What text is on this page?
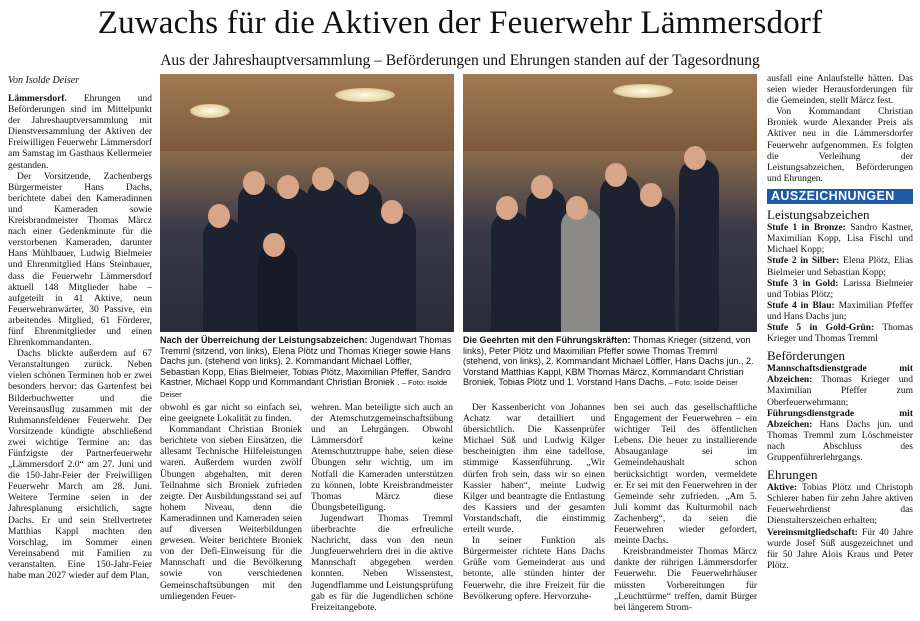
Zuwachs für die Aktiven der Feuerwehr Lämmersdorf
Aus der Jahreshauptversammlung – Beförderungen und Ehrungen standen auf der Tagesordnung
Von Isolde Deiser

Lämmersdorf. Ehrungen und Beförderungen sind im Mittelpunkt der Jahreshauptversammlung mit Dienstversammlung der Aktiven der Freiwilligen Feuerwehr Lämmersdorf am Samstag im Gasthaus Kellermeier gestanden.

Der Vorsitzende, Zachenbergs Bürgermeister Hans Dachs, berichtete dabei den Kameradinnen und Kameraden sowie Kreisbrandmeister Thomas Märcz nach einer Gedenkminute für die verstorbenen Kameraden, darunter Hans Mühlbauer, Ludwig Bielmeier und Ehrenmitglied Hans Steinbauer, dass die Feuerwehr Lämmersdorf aktuell 148 Mitglieder habe – aufgeteilt in 41 Aktive, neun Feuerwehranwärter, 30 Passive, ein arbeitendes Mitglied, 61 Förderer, fünf Ehrenmitglieder und einen Ehrenkommandanten.

Dachs blickte außerdem auf 67 Veranstaltungen zurück. Neben vielen schönen Terminen hob er zwei besonders hervor: das Gartenfest bei Bilderbuchwetter und die Vereinsausflug zusammen mit der Ruhmannsfeldener Feuerwehr. Der Vorsitzende kündigte abschließend zwei wichtige Termine an: das Fünfzigste der Partnerfeuerwehr „Lämmersdorf 2.0“ am 27. Juni und die 150-Jahr-Feier der Freiwilligen Feuerwehr March am 28. Juni. Weitere Termine seien in der Jahresplanung ersichtlich, sagte Dachs. Er und sein Stellvertreter Matthias Kappl machten den Vorschlag, im Sommer einen Vereinsabend mit Familien zu veranstalten. Eine 150-Jahr-Feier habe man 2027 wieder auf dem Plan,

Nach der Überreichung der Leistungsabzeichen: Jugendwart Thomas Tremml (sitzend, von links), Elena Plötz und Thomas Krieger sowie Hans Dachs jun. (stehend von links), 2. Kommandant Michael Löffler, Sebastian Kopp, Elias Bielmeier, Tobias Plötz, Maximilian Pfeffer, Sandro Kastner, Michael Kopp und Kommandant Christian Broniek . – Foto: Isolde Deiser
Die Geehrten mit den Führungskräften: Thomas Krieger (sitzend, von links), Peter Plötz und Maximilian Pfeffer sowie Thomas Tremml (stehend, von links), 2. Kommandant Michael Löffler, Hans Dachs jun., 2. Vorstand Matthias Kappl, KBM Thomas Märcz, Kommandant Christian Broniek, Tobias Plötz und 1. Vorstand Hans Dachs. – Foto: Isolde Deiser

obwohl es gar nicht so einfach sei, eine geeignete Lokalität zu finden.

Kommandant Christian Broniek berichtete von sieben Einsätzen, die allesamt Technische Hilfeleistungen waren. Außerdem wurden zwölf Übungen abgehalten, mit deren Teilnahme sich Broniek zufrieden zeigte. Der Ausbildungsstand sei auf hohem Niveau, denn die Kameradinnen und Kameraden seien auf diversen Weiterbildungen gewesen. Weiter berichtete Broniek von der Defi-Einweisung für die Mannschaft und die Bevölkerung sowie von verschiedenen Gemeinschaftsübungen mit den umliegenden Feuer-

wehren. Man beteiligte sich auch an der Atemschutzgemeinschaftsübung und an Lehrgängen. Obwohl Lämmersdorf keine Atemschutztruppe habe, seien diese Übungen sehr wichtig, um im Notfall die Kameraden unterstützen zu können, lobte Kreisbrandmeister Thomas Märcz diese Übungsbeteiligung.

Jugendwart Thomas Tremml überbrachte die erfreuliche Nachricht, dass von den neun Jungfeuerwehrlern drei in die aktive Mannschaft abgegeben werden konnten. Neben Wissenstest, Jugendflamme und Leistungsprüfung gab es für die Jugendlichen schöne Freizeitangebote.

Der Kassenbericht von Johannes Achatz war detailliert und übersichtlich. Die Kassenprüfer Michael Süß und Ludwig Kilger bescheinigten ihm eine tadellose, stimmige Kassenführung. „Wir dürfen froh sein, dass wir so einen Kassier haben“, meinte Ludwig Kilger und beantragte die Entlastung des Kassiers und der gesamten Vorstandschaft, die einstimmig erteilt wurde.

In seiner Funktion als Bürgermeister richtete Hans Dachs Grüße vom Gemeinderat aus und betonte, alle stünden hinter der Feuerwehr, die ihre Freizeit für die Bevölkerung opfere. Hervorzuhe-

ben sei auch das gesellschaftliche Engagement der Feuerwehren – ein wichtiger Teil des öffentlichen Lebens. Die heuer zu installierende Absauganlage sei im Gemeindehaushalt schon berücksichtigt worden, vermeldete er. Er sei mit den Feuerwehren in der Gemeinde sehr zufrieden. „Am 5. Juli kommt das Kulturmobil nach Zachenberg“, da seien die Feuerwehren wieder gefordert, meinte Dachs.

Kreisbrandmeister Thomas Märcz dankte der rührigen Lämmersdorfer Feuerwehr. Die Feuerwehrhäuser müssten Vorbereitungen für „Leuchttürme“ treffen, damit Bürger bei längerem Strom-

ausfall eine Anlaufstelle hätten. Das seien wieder Herausforderungen für die Gemeinden, stellt Märcz fest.

Von Kommandant Christian Broniek wurde Alexander Preis als Aktiver neu in die Lämmersdorfer Feuerwehr aufgenommen. Es folgten die Verleihung der Leistungsabzeichen, Beförderungen und Ehrungen.

AUSZEICHNUNGEN
Leistungsabzeichen

Stufe 1 in Bronze: Sandro Kastner, Maximilian Kopp, Lisa Fischl und Michael Kopp;

Stufe 2 in Silber: Elena Plötz, Elias Bielmeier und Sebastian Kopp;

Stufe 3 in Gold: Larissa Bielmeier und Tobias Plötz;

Stufe 4 in Blau: Maximilian Pfeffer und Hans Dachs jun;

Stufe 5 in Gold-Grün: Thomas Krieger und Thomas Tremml

Beförderungen

Mannschaftsdienstgrade mit Abzeichen: Thomas Krieger und Maximilian Pfeffer zum Oberfeuerwehrmann;

Führungsdienstgrade mit Abzeichen: Hans Dachs jun. und Thomas Tremml zum Löschmeister nach Abschluss des Gruppenführerlehrgangs.

Ehrungen

Aktive: Tobias Plötz und Christoph Schierer haben für zehn Jahre aktiven Feuerwehrdienst das Dienstalterszeichen erhalten;

Vereinsmitgliedschaft: Für 40 Jahre wurde Josef Süß ausgezeichnet und für 50 Jahre Alois Kraus und Peter Plötz.
